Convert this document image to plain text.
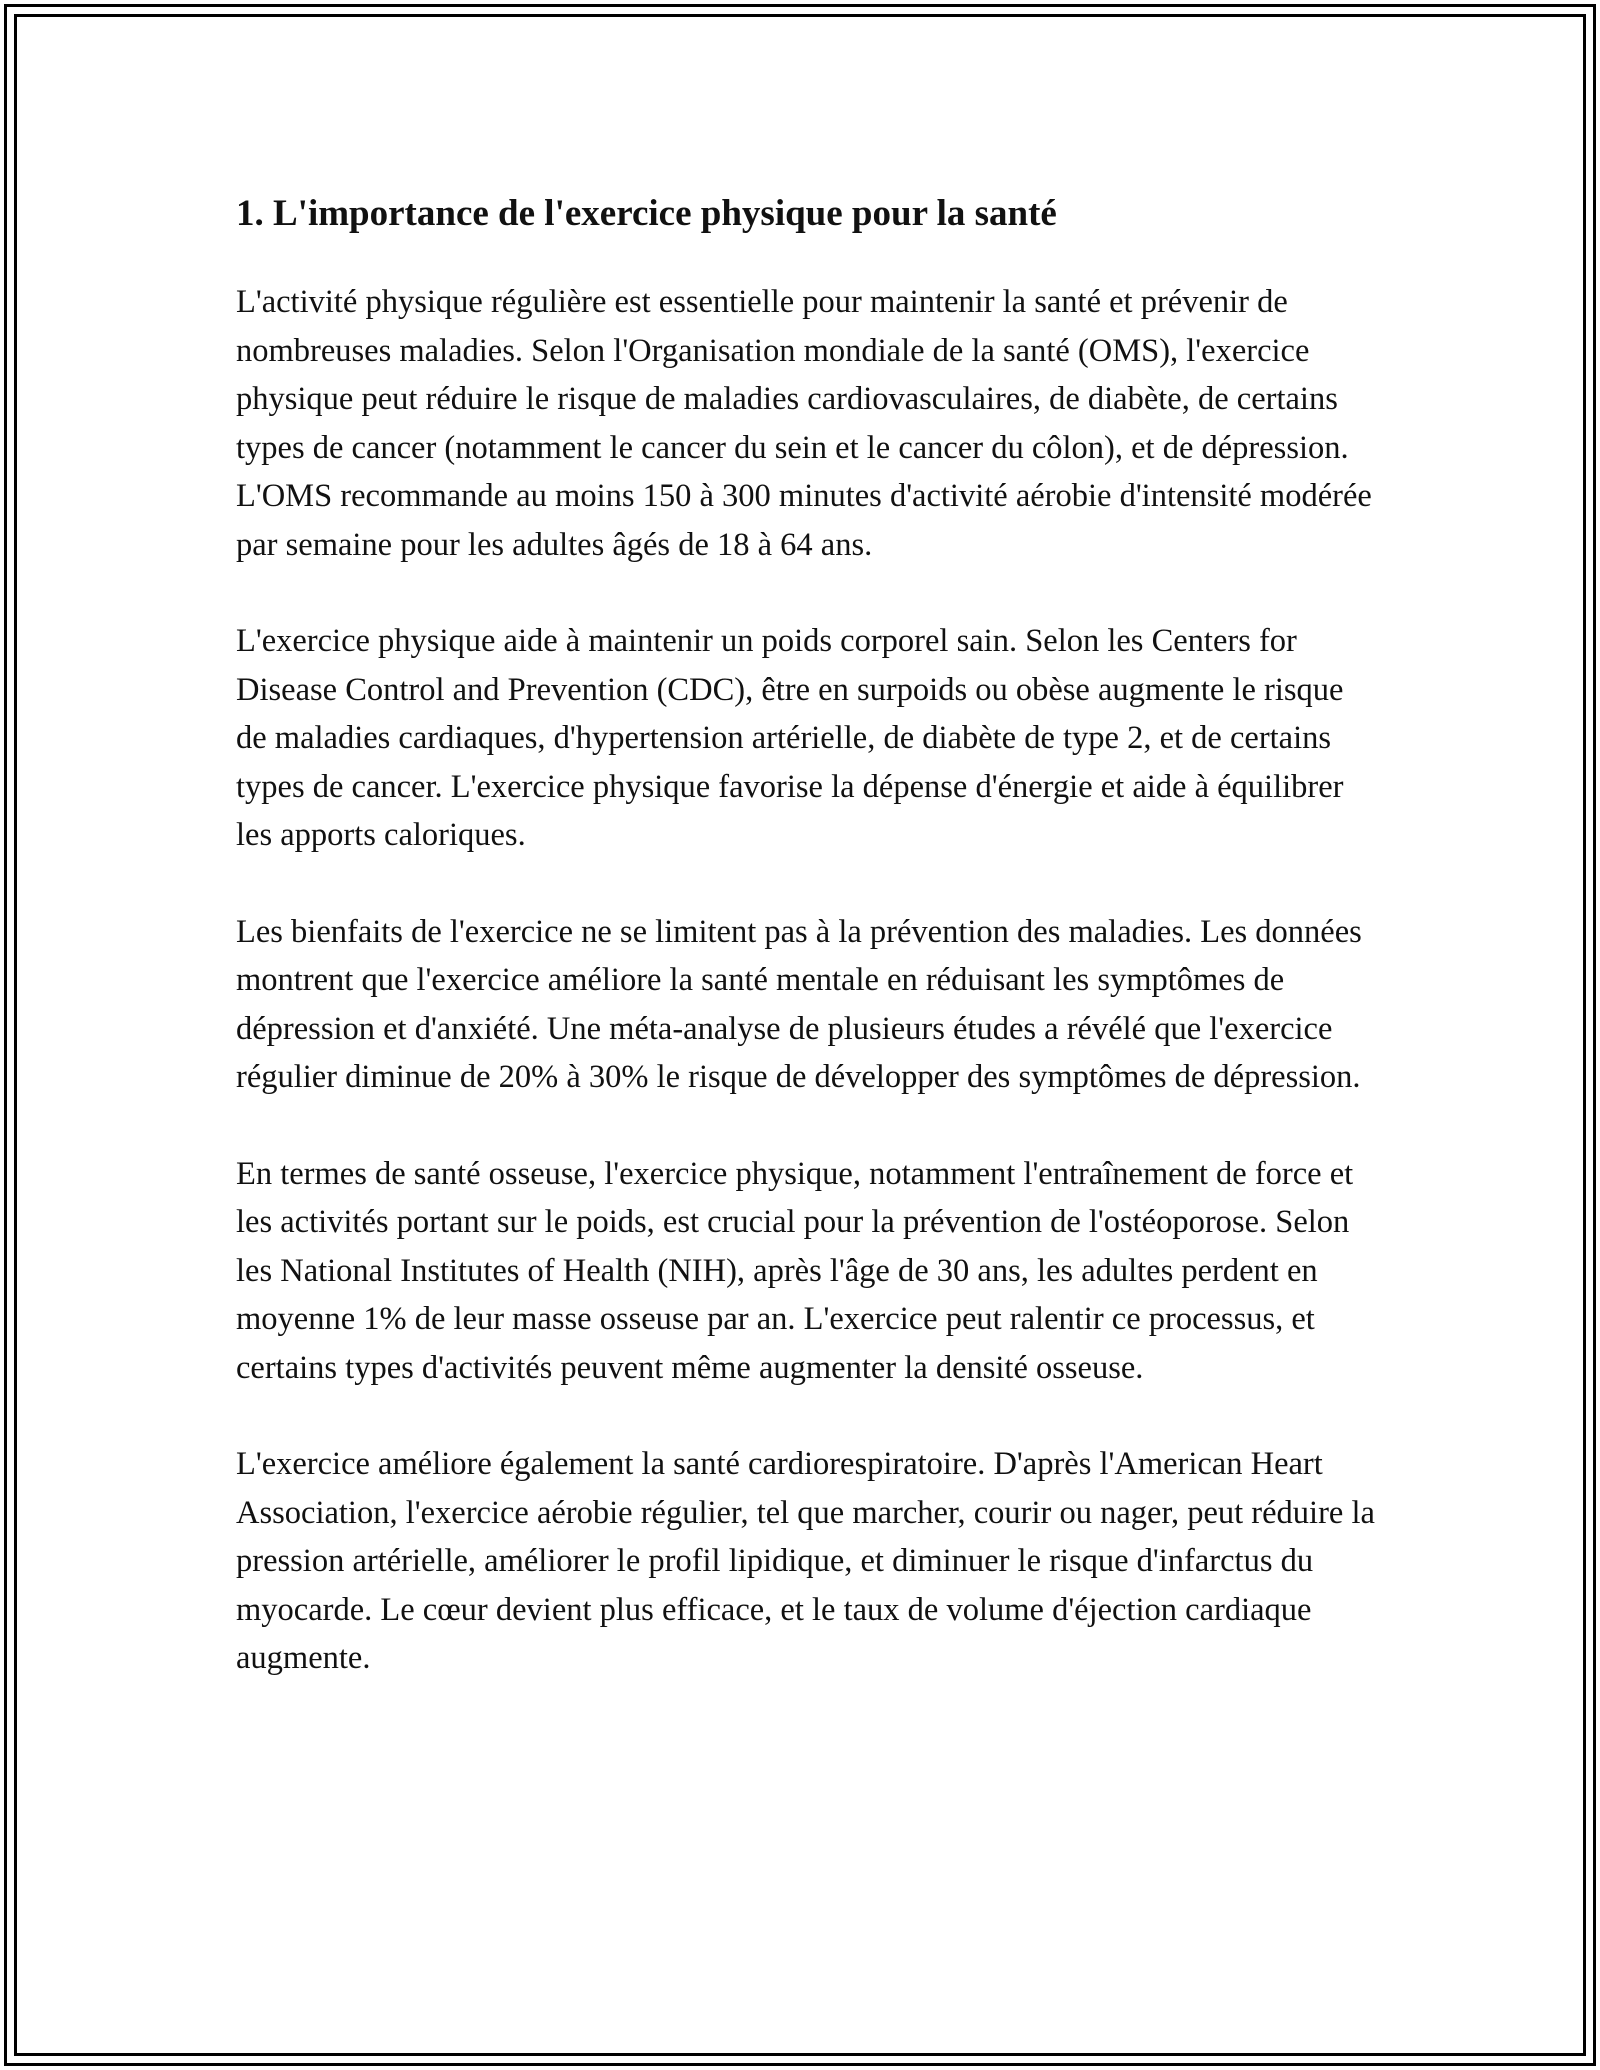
1. L'importance de l'exercice physique pour la santé

L'activité physique régulière est essentielle pour maintenir la santé et prévenir de nombreuses maladies. Selon l'Organisation mondiale de la santé (OMS), l'exercice physique peut réduire le risque de maladies cardiovasculaires, de diabète, de certains types de cancer (notamment le cancer du sein et le cancer du côlon), et de dépression. L'OMS recommande au moins 150 à 300 minutes d'activité aérobie d'intensité modérée par semaine pour les adultes âgés de 18 à 64 ans.

L'exercice physique aide à maintenir un poids corporel sain. Selon les Centers for Disease Control and Prevention (CDC), être en surpoids ou obèse augmente le risque de maladies cardiaques, d'hypertension artérielle, de diabète de type 2, et de certains types de cancer. L'exercice physique favorise la dépense d'énergie et aide à équilibrer les apports caloriques.

Les bienfaits de l'exercice ne se limitent pas à la prévention des maladies. Les données montrent que l'exercice améliore la santé mentale en réduisant les symptômes de dépression et d'anxiété. Une méta-analyse de plusieurs études a révélé que l'exercice régulier diminue de 20% à 30% le risque de développer des symptômes de dépression.

En termes de santé osseuse, l'exercice physique, notamment l'entraînement de force et les activités portant sur le poids, est crucial pour la prévention de l'ostéoporose. Selon les National Institutes of Health (NIH), après l'âge de 30 ans, les adultes perdent en moyenne 1% de leur masse osseuse par an. L'exercice peut ralentir ce processus, et certains types d'activités peuvent même augmenter la densité osseuse.

L'exercice améliore également la santé cardiorespiratoire. D'après l'American Heart Association, l'exercice aérobie régulier, tel que marcher, courir ou nager, peut réduire la pression artérielle, améliorer le profil lipidique, et diminuer le risque d'infarctus du myocarde. Le cœur devient plus efficace, et le taux de volume d'éjection cardiaque augmente.
